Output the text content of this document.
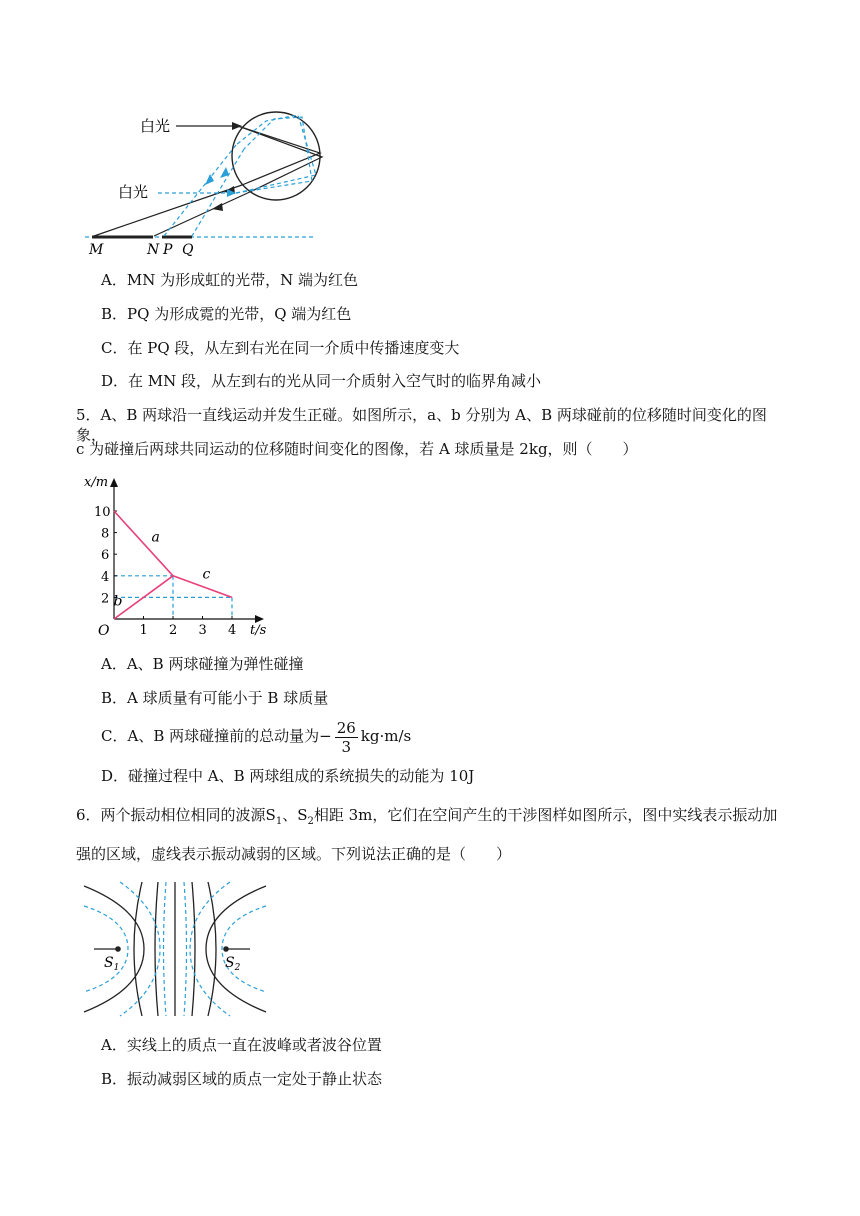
白光
白光
M	N P Q
A．MN 为形成虹的光带，N 端为红色
B．PQ 为形成霓的光带，Q 端为红色
C．在 PQ 段，从左到右光在同一介质中传播速度变大
D．在 MN 段，从左到右的光从同一介质射入空气时的临界角减小
5．A、B 两球沿一直线运动并发生正碰。如图所示，a、b 分别为 A、B 两球碰前的位移随时间变化的图象，
c 为碰撞后两球共同运动的位移随时间变化的图像，若 A 球质量是 2kg，则（　　）
1 2 3 4
2
4
6
8
10
a
b
c
x/m
t/s
O
A．A、B 两球碰撞为弹性碰撞
B．A 球质量有可能小于 B 球质量
C．A、B 两球碰撞前的总动量为− $\frac{26}{3} kg\cdot m/s$
D．碰撞过程中 A、B 两球组成的系统损失的动能为 10J
6．两个振动相位相同的波源$S_1$、$S_2$相距 3m，它们在空间产生的干涉图样如图所示，图中实线表示振动加
强的区域，虚线表示振动减弱的区域。下列说法正确的是（　　）
$S_1$	$S_2$
A．实线上的质点一直在波峰或者波谷位置
B．振动减弱区域的质点一定处于静止状态
